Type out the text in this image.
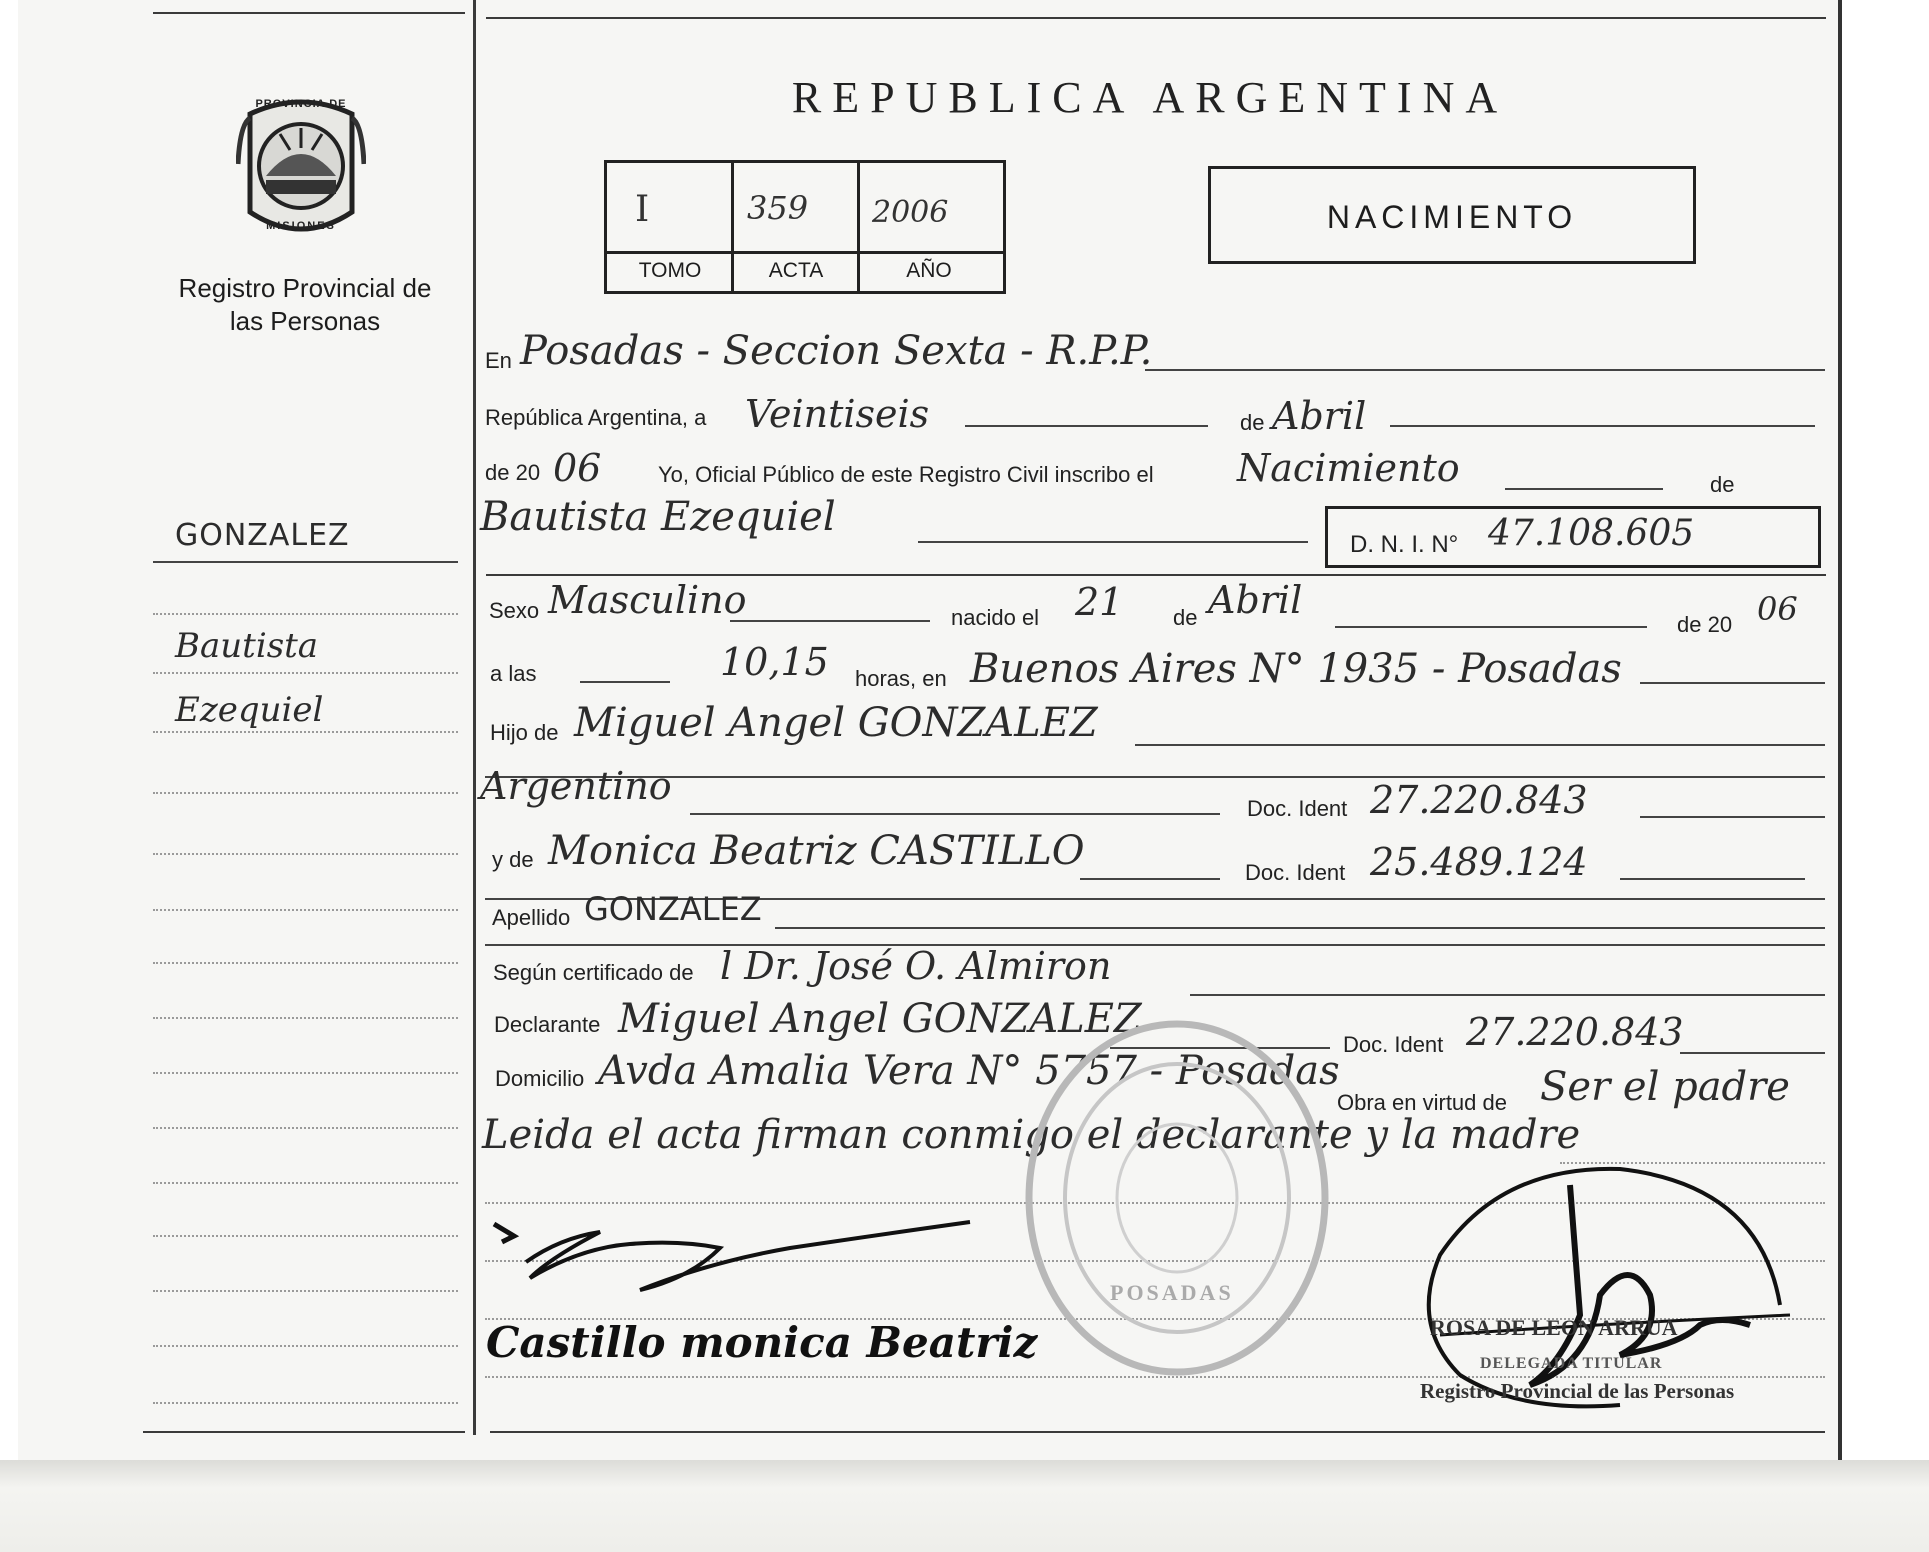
PROVINCIA DE
MISIONES
Registro Provincial de las Personas
REPUBLICA ARGENTINA
I	359 2006
TOMO	ACTA	AÑO
NACIMIENTO
GONZALEZ
Bautista
Ezequiel
En Posadas - Seccion Sexta - R.P.P.
República Argentina, a Veintiseis	de Abril
de 20 06	Yo, Oficial Público de este Registro Civil inscribo el Nacimiento	de
Bautista Ezequiel
D. N. I. N° 47.108.605
Sexo Masculino	nacido el 21 de Abril
de 20 06
a las	10,15 horas, en Buenos Aires N° 1935 - Posadas
Hijo de Miguel Angel GONZALEZ
Argentino
Doc. Ident 27.220.843
y de Monica Beatriz CASTILLO	Doc. Ident 25.489.124
Apellido GONZALEZ
Según certificado de l Dr. José O. Almiron
Declarante Miguel Angel GONZALEZ
Doc. Ident 27.220.843
Domicilio Avda Amalia Vera N° 5757 - Posadas
Obra en virtud de Ser el padre
Leida el acta firman conmigo el declarante y la madre
POSADAS
Castillo monica Beatriz	ROSA DE LEON ARRUA
DELEGADA TITULAR
Registro Provincial de las Personas
